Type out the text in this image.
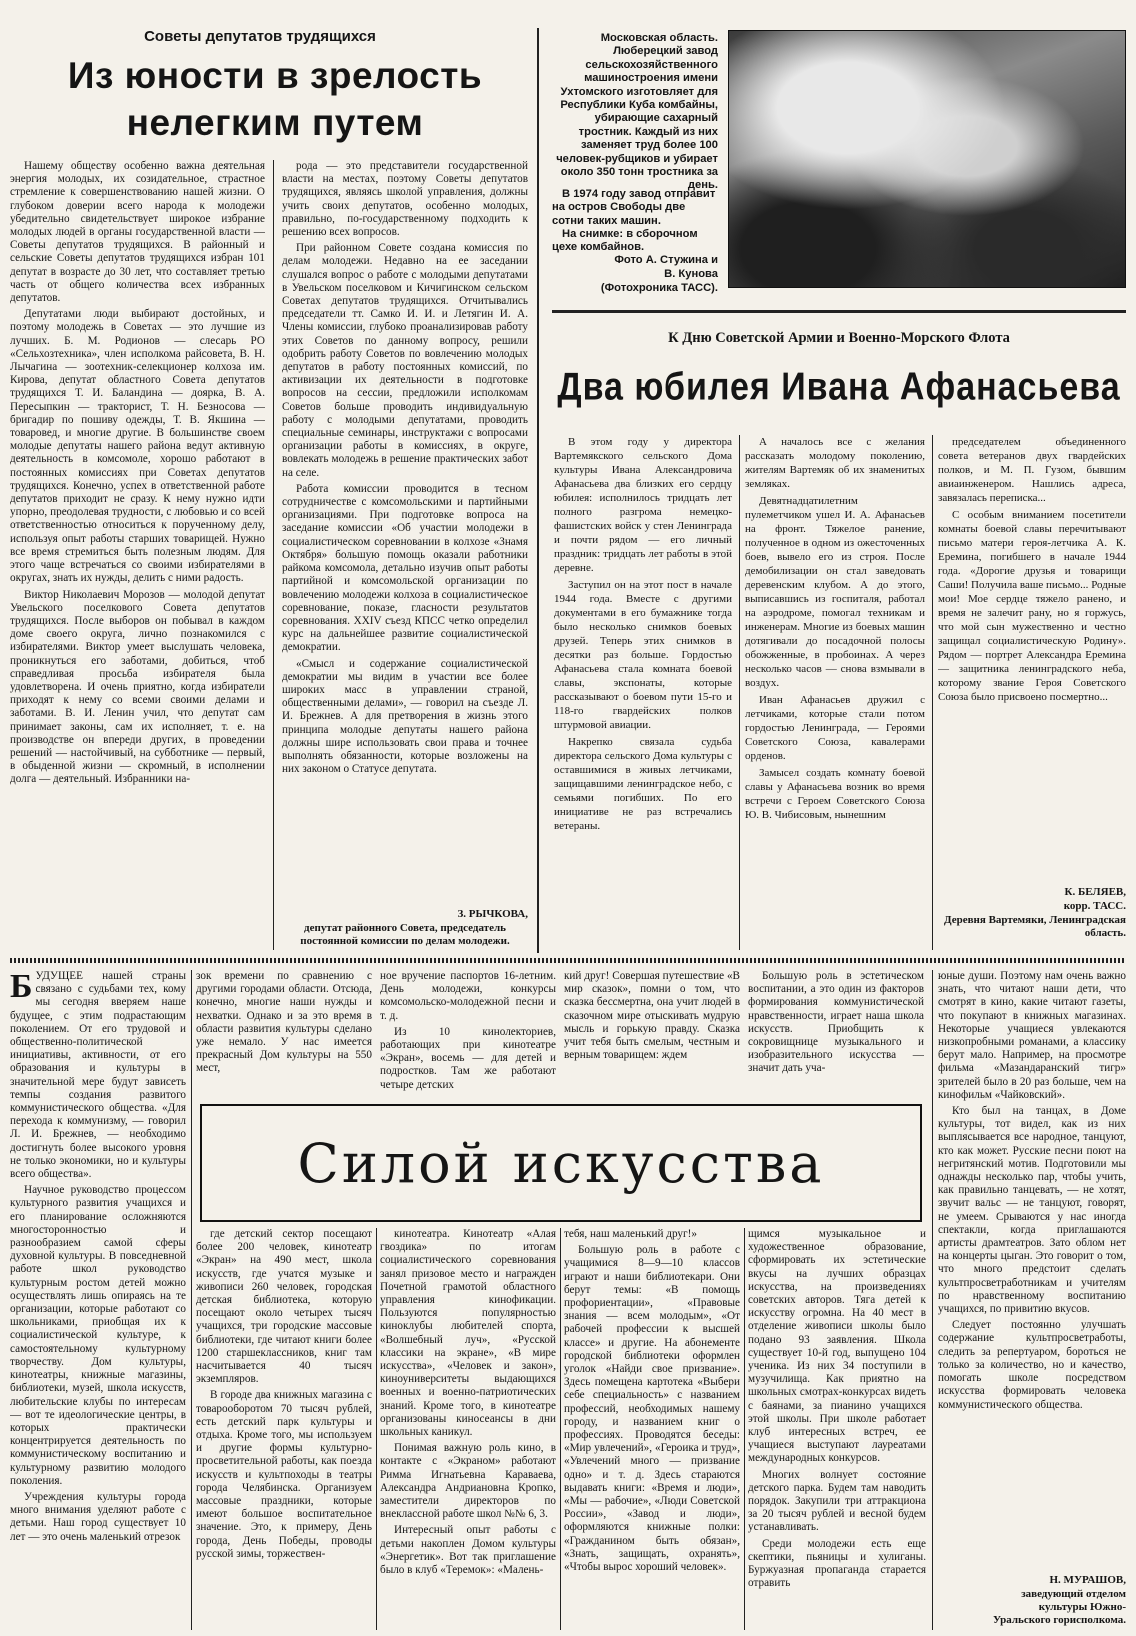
Советы депутатов трудящихся
Из юности в зрелость
нелегким путем

Нашему обществу особенно важна деятельная энергия молодых, их созидательное, страстное стремление к совершенствованию нашей жизни. О глубоком доверии всего народа к молодежи убедительно свидетельствует широкое избрание молодых людей в органы государственной власти — Советы депутатов трудящихся. В районный и сельские Советы депутатов трудящихся избран 101 депутат в возрасте до 30 лет, что составляет третью часть от общего количества всех избранных депутатов.

Депутатами люди выбирают достойных, и поэтому молодежь в Советах — это лучшие из лучших. Б. М. Родионов — слесарь РО «Сельхозтехника», член исполкома райсовета, В. Н. Лычагина — зоотехник-селекционер колхоза им. Кирова, депутат областного Совета депутатов трудящихся Т. И. Баландина — доярка, В. А. Пересыпкин — тракторист, Т. Н. Безносова — бригадир по пошиву одежды, Т. В. Якшина — товаровед, и многие другие. В большинстве своем молодые депутаты нашего района ведут активную деятельность в комсомоле, хорошо работают в постоянных комиссиях при Советах депутатов трудящихся. Конечно, успех в ответственной работе депутатов приходит не сразу. К нему нужно идти упорно, преодолевая трудности, с любовью и со всей ответственностью относиться к порученному делу, используя опыт работы старших товарищей. Нужно все время стремиться быть полезным людям. Для этого чаще встречаться со своими избирателями в округах, знать их нужды, делить с ними радость.

Виктор Николаевич Морозов — молодой депутат Увельского поселкового Совета депутатов трудящихся. После выборов он побывал в каждом доме своего округа, лично познакомился с избирателями. Виктор умеет выслушать человека, проникнуться его заботами, добиться, чтоб справедливая просьба избирателя была удовлетворена. И очень приятно, когда избиратели приходят к нему со всеми своими делами и заботами. В. И. Ленин учил, что депутат сам принимает законы, сам их исполняет, т. е. на производстве он впереди других, в проведении решений — настойчивый, на субботнике — первый, в обыденной жизни — скромный, в исполнении долга — деятельный. Избранники на-

рода — это представители государственной власти на местах, поэтому Советы депутатов трудящихся, являясь школой управления, должны учить своих депутатов, особенно молодых, правильно, по-государственному подходить к решению всех вопросов.

При районном Совете создана комиссия по делам молодежи. Недавно на ее заседании слушался вопрос о работе с молодыми депутатами в Увельском поселковом и Кичигинском сельском Советах депутатов трудящихся. Отчитывались председатели тт. Самко И. И. и Летягин И. А. Члены комиссии, глубоко проанализировав работу этих Советов по данному вопросу, решили одобрить работу Советов по вовлечению молодых депутатов в работу постоянных комиссий, по активизации их деятельности в подготовке вопросов на сессии, предложили исполкомам Советов больше проводить индивидуальную работу с молодыми депутатами, проводить специальные семинары, инструктажи с вопросами организации работы в комиссиях, в округе, вовлекать молодежь в решение практических забот на селе.

Работа комиссии проводится в тесном сотрудничестве с комсомольскими и партийными организациями. При подготовке вопроса на заседание комиссии «Об участии молодежи в социалистическом соревновании в колхозе «Знамя Октября» большую помощь оказали работники райкома комсомола, детально изучив опыт работы партийной и комсомольской организации по вовлечению молодежи колхоза в социалистическое соревнование, показе, гласности результатов соревнования. XXIV съезд КПСС четко определил курс на дальнейшее развитие социалистической демократии.

«Смысл и содержание социалистической демократии мы видим в участии все более широких масс в управлении страной, общественными делами», — говорил на съезде Л. И. Брежнев. А для претворения в жизнь этого принципа молодые депутаты нашего района должны шире использовать свои права и точнее выполнять обязанности, которые возложены на них законом о Статусе депутата.

З. РЫЧКОВА,
депутат районного Совета, председатель постоянной комиссии по делам молодежи.
Московская область. Люберецкий завод сельскохозяйственного машиностроения имени Ухтомского изготовляет для Республики Куба комбайны, убирающие сахарный тростник. Каждый из них заменяет труд более 100 человек-рубщиков и убирает около 350 тонн тростника за день.
В 1974 году завод отправит на остров Свободы две сотни таких машин.
На снимке: в сборочном цехе комбайнов.
Фото А. Стужина и
В. Кунова
(Фотохроника ТАСС).
К Дню Советской Армии и Военно-Морского Флота
Два юбилея Ивана Афанасьева

В этом году у директора Вартемякского сельского Дома культуры Ивана Александровича Афанасьева два близких его сердцу юбилея: исполнилось тридцать лет полного разгрома немецко-фашистских войск у стен Ленинграда и почти рядом — его личный праздник: тридцать лет работы в этой деревне.

Заступил он на этот пост в начале 1944 года. Вместе с другими документами в его бумажнике тогда было несколько снимков боевых друзей. Теперь этих снимков в десятки раз больше. Гордостью Афанасьева стала комната боевой славы, экспонаты, которые рассказывают о боевом пути 15-го и 118-го гвардейских полков штурмовой авиации.

Накрепко связала судьба директора сельского Дома культуры с оставшимися в живых летчиками, защищавшими ленинградское небо, с семьями погибших. По его инициативе не раз встречались ветераны.

А началось все с желания рассказать молодому поколению, жителям Вартемяк об их знаменитых земляках.

Девятнадцатилетним пулеметчиком ушел И. А. Афанасьев на фронт. Тяжелое ранение, полученное в одном из ожесточенных боев, вывело его из строя. После демобилизации он стал заведовать деревенским клубом. А до этого, выписавшись из госпиталя, работал на аэродроме, помогал техникам и инженерам. Многие из боевых машин дотягивали до посадочной полосы обожженные, в пробоинах. А через несколько часов — снова взмывали в воздух.

Иван Афанасьев дружил с летчиками, которые стали потом гордостью Ленинграда, — Героями Советского Союза, кавалерами орденов.

Замысел создать комнату боевой славы у Афанасьева возник во время встречи с Героем Советского Союза Ю. В. Чибисовым, нынешним

председателем объединенного совета ветеранов двух гвардейских полков, и М. П. Гузом, бывшим авиаинженером. Нашлись адреса, завязалась переписка...

С особым вниманием посетители комнаты боевой славы перечитывают письмо матери героя-летчика А. К. Еремина, погибшего в начале 1944 года. «Дорогие друзья и товарищи Саши! Получила ваше письмо... Родные мои! Мое сердце тяжело ранено, и время не залечит рану, но я горжусь, что мой сын мужественно и честно защищал социалистическую Родину». Рядом — портрет Александра Еремина — защитника ленинградского неба, которому звание Героя Советского Союза было присвоено посмертно...

К. БЕЛЯЕВ,
корр. ТАСС.
Деревня Вартемяки, Ленинградская область.

БУДУЩЕЕ нашей страны связано с судьбами тех, кому мы сегодня вверяем наше будущее, с этим подрастающим поколением. От его трудовой и общественно-политической инициативы, активности, от его образования и культуры в значительной мере будут зависеть темпы создания развитого коммунистического общества. «Для перехода к коммунизму, — говорил Л. И. Брежнев, — необходимо достигнуть более высокого уровня не только экономики, но и культуры всего общества».

Научное руководство процессом культурного развития учащихся и его планирование осложняются многосторонностью и разнообразием самой сферы духовной культуры. В повседневной работе школ руководство культурным ростом детей можно осуществлять лишь опираясь на те организации, которые работают со школьниками, приобщая их к социалистической культуре, к самостоятельному культурному творчеству. Дом культуры, кинотеатры, книжные магазины, библиотеки, музей, школа искусств, любительские клубы по интересам — вот те идеологические центры, в которых практически концентрируется деятельность по коммунистическому воспитанию и культурному развитию молодого поколения.

Учреждения культуры города много внимания уделяют работе с детьми. Наш город существует 10 лет — это очень маленький отрезок

зок времени по сравнению с другими городами области. Отсюда, конечно, многие наши нужды и нехватки. Однако и за это время в области развития культуры сделано уже немало. У нас имеется прекрасный Дом культуры на 550 мест,

ное вручение паспортов 16-летним. День молодежи, конкурсы комсомольско-молодежной песни и т. д.

Из 10 кинолекториев, работающих при кинотеатре «Экран», восемь — для детей и подростков. Там же работают четыре детских

кий друг! Совершая путешествие «В мир сказок», помни о том, что сказка бессмертна, она учит людей в сказочном мире отыскивать мудрую мысль и горькую правду. Сказка учит тебя быть смелым, честным и верным товарищем: ждем

Большую роль в эстетическом воспитании, а это один из факторов формирования коммунистической нравственности, играет наша школа искусств. Приобщить к сокровищнице музыкального и изобразительного искусства — значит дать уча-

юные души. Поэтому нам очень важно знать, что читают наши дети, что смотрят в кино, какие читают газеты, что покупают в книжных магазинах. Некоторые учащиеся увлекаются низкопробными романами, а классику берут мало. Например, на просмотре фильма «Мазандаранский тигр» зрителей было в 20 раз больше, чем на кинофильм «Чайковский».

Кто был на танцах, в Доме культуры, тот видел, как из них выплясывается все народное, танцуют, кто как может. Русские песни поют на негритянский мотив. Подготовили мы однажды несколько пар, чтобы учить, как правильно танцевать, — не хотят, звучит вальс — не танцуют, говорят, не умеем. Срываются у нас иногда спектакли, когда приглашаются артисты драмтеатров. Зато облом нет на концерты цыган. Это говорит о том, что много предстоит сделать культпросветработникам и учителям по нравственному воспитанию учащихся, по привитию вкусов.

Следует постоянно улучшать содержание культпросветработы, следить за репертуаром, бороться не только за количество, но и качество, помогать школе посредством искусства формировать человека коммунистического общества.

Н. МУРАШОВ,
заведующий отделом культуры Южно-Уральского горисполкома.
Силой искусства

где детский сектор посещают более 200 человек, кинотеатр «Экран» на 490 мест, школа искусств, где учатся музыке и живописи 260 человек, городская детская библиотека, которую посещают около четырех тысяч учащихся, три городские массовые библиотеки, где читают книги более 1200 старшеклассников, книг там насчитывается 40 тысяч экземпляров.

В городе два книжных магазина с товарооборотом 70 тысяч рублей, есть детский парк культуры и отдыха. Кроме того, мы используем и другие формы культурно-просветительной работы, как поезда искусств и культпоходы в театры города Челябинска. Организуем массовые праздники, которые имеют большое воспитательное значение. Это, к примеру, День города, День Победы, проводы русской зимы, торжествен-

кинотеатра. Кинотеатр «Алая гвоздика» по итогам социалистического соревнования занял призовое место и награжден Почетной грамотой областного управления кинофикации. Пользуются популярностью киноклубы любителей спорта, «Волшебный луч», «Русской классики на экране», «В мире искусства», «Человек и закон», киноуниверситеты выдающихся военных и военно-патриотических знаний. Кроме того, в кинотеатре организованы киносеансы в дни школьных каникул.

Понимая важную роль кино, в контакте с «Экраном» работают Римма Игнатьевна Караваева, Александра Андриановна Кропко, заместители директоров по внеклассной работе школ №№ 6, 3.

Интересный опыт работы с детьми накоплен Домом культуры «Энергетик». Вот так приглашение было в клуб «Теремок»: «Малень-

тебя, наш маленький друг!»

Большую роль в работе с учащимися 8—9—10 классов играют и наши библиотекари. Они берут темы: «В помощь профориентации», «Правовые знания — всем молодым», «От рабочей профессии к высшей классе» и другие. На абонементе городской библиотеки оформлен уголок «Найди свое призвание». Здесь помещена картотека «Выбери себе специальность» с названием профессий, необходимых нашему городу, и названием книг о профессиях. Проводятся беседы: «Мир увлечений», «Героика и труд», «Увлечений много — призвание одно» и т. д. Здесь стараются выдавать книги: «Время и люди», «Мы — рабочие», «Люди Советской России», «Завод и люди», оформляются книжные полки: «Гражданином быть обязан», «Знать, защищать, охранять», «Чтобы вырос хороший человек».

щимся музыкальное и художественное образование, сформировать их эстетические вкусы на лучших образцах искусства, на произведениях советских авторов. Тяга детей к искусству огромна. На 40 мест в отделение живописи школы было подано 93 заявления. Школа существует 10-й год, выпущено 104 ученика. Из них 34 поступили в музучилища. Как приятно на школьных смотрах-конкурсах видеть с баянами, за пианино учащихся этой школы. При школе работает клуб интересных встреч, ее учащиеся выступают лауреатами международных конкурсов.

Многих волнует состояние детского парка. Будем там наводить порядок. Закупили три аттракциона за 20 тысяч рублей и весной будем устанавливать.

Среди молодежи есть еще скептики, пьяницы и хулиганы. Буржуазная пропаганда старается отравить
